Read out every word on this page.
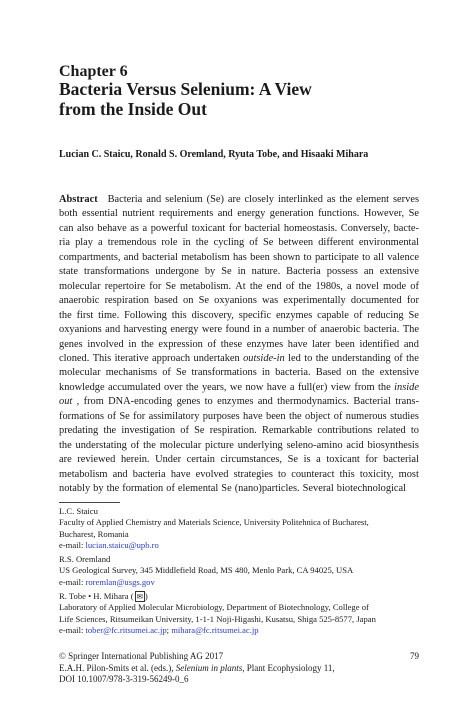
Chapter 6
Bacteria Versus Selenium: A View
from the Inside Out
Lucian C. Staicu, Ronald S. Oremland, Ryuta Tobe, and Hisaaki Mihara
Abstract Bacteria and selenium (Se) are closely interlinked as the element serves
both essential nutrient requirements and energy generation functions. However, Se
can also behave as a powerful toxicant for bacterial homeostasis. Conversely, bacte-
ria play a tremendous role in the cycling of Se between different environmental
compartments, and bacterial metabolism has been shown to participate to all valence
state transformations undergone by Se in nature. Bacteria possess an extensive
molecular repertoire for Se metabolism. At the end of the 1980s, a novel mode of
anaerobic respiration based on Se oxyanions was experimentally documented for
the first time. Following this discovery, specific enzymes capable of reducing Se
oxyanions and harvesting energy were found in a number of anaerobic bacteria. The
genes involved in the expression of these enzymes have later been identified and
cloned. This iterative approach undertaken outside-in led to the understanding of the
molecular mechanisms of Se transformations in bacteria. Based on the extensive
knowledge accumulated over the years, we now have a full(er) view from the inside
out , from DNA-encoding genes to enzymes and thermodynamics. Bacterial trans-
formations of Se for assimilatory purposes have been the object of numerous studies
predating the investigation of Se respiration. Remarkable contributions related to
the understating of the molecular picture underlying seleno-amino acid biosynthesis
are reviewed herein. Under certain circumstances, Se is a toxicant for bacterial
metabolism and bacteria have evolved strategies to counteract this toxicity, most
notably by the formation of elemental Se (nano)particles. Several biotechnological
L.C. Staicu
Faculty of Applied Chemistry and Materials Science, University Politehnica of Bucharest,
Bucharest, Romania
e-mail: lucian.staicu@upb.ro
R.S. Oremland
US Geological Survey, 345 Middlefield Road, MS 480, Menlo Park, CA 94025, USA
e-mail: roremlan@usgs.gov
R. Tobe • H. Mihara ( ✉ )
Laboratory of Applied Molecular Microbiology, Department of Biotechnology, College of
Life Sciences, Ritsumeikan University, 1-1-1 Noji-Higashi, Kusatsu, Shiga 525-8577, Japan
e-mail: tober@fc.ritsumei.ac.jp; mihara@fc.ritsumei.ac.jp
© Springer International Publishing AG 2017	79
E.A.H. Pilon-Smits et al. (eds.), Selenium in plants, Plant Ecophysiology 11,
DOI 10.1007/978-3-319-56249-0_6
